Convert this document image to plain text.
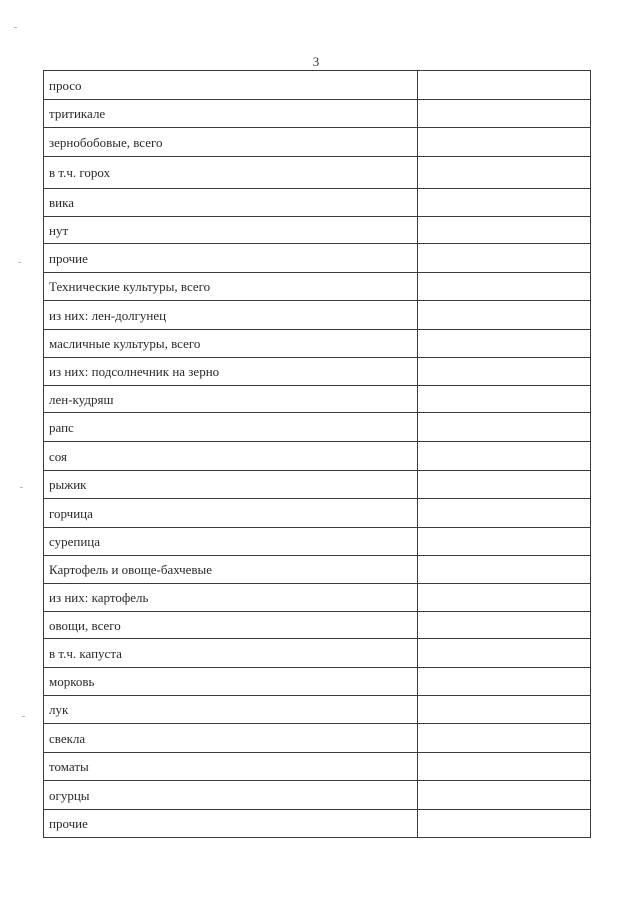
3
просо	
тритикале	
зернобобовые, всего	
в т.ч. горох	
вика	
нут	
прочие	
Технические культуры, всего	
из них: лен-долгунец	
масличные культуры, всего	
из них: подсолнечник на зерно	
лен-кудряш	
рапс	
соя	
рыжик	
горчица	
сурепица	
Картофель и овоще-бахчевые	
из них: картофель	
овощи, всего	
в т.ч. капуста	
морковь	
лук	
свекла	
томаты	
огурцы	
прочие	
